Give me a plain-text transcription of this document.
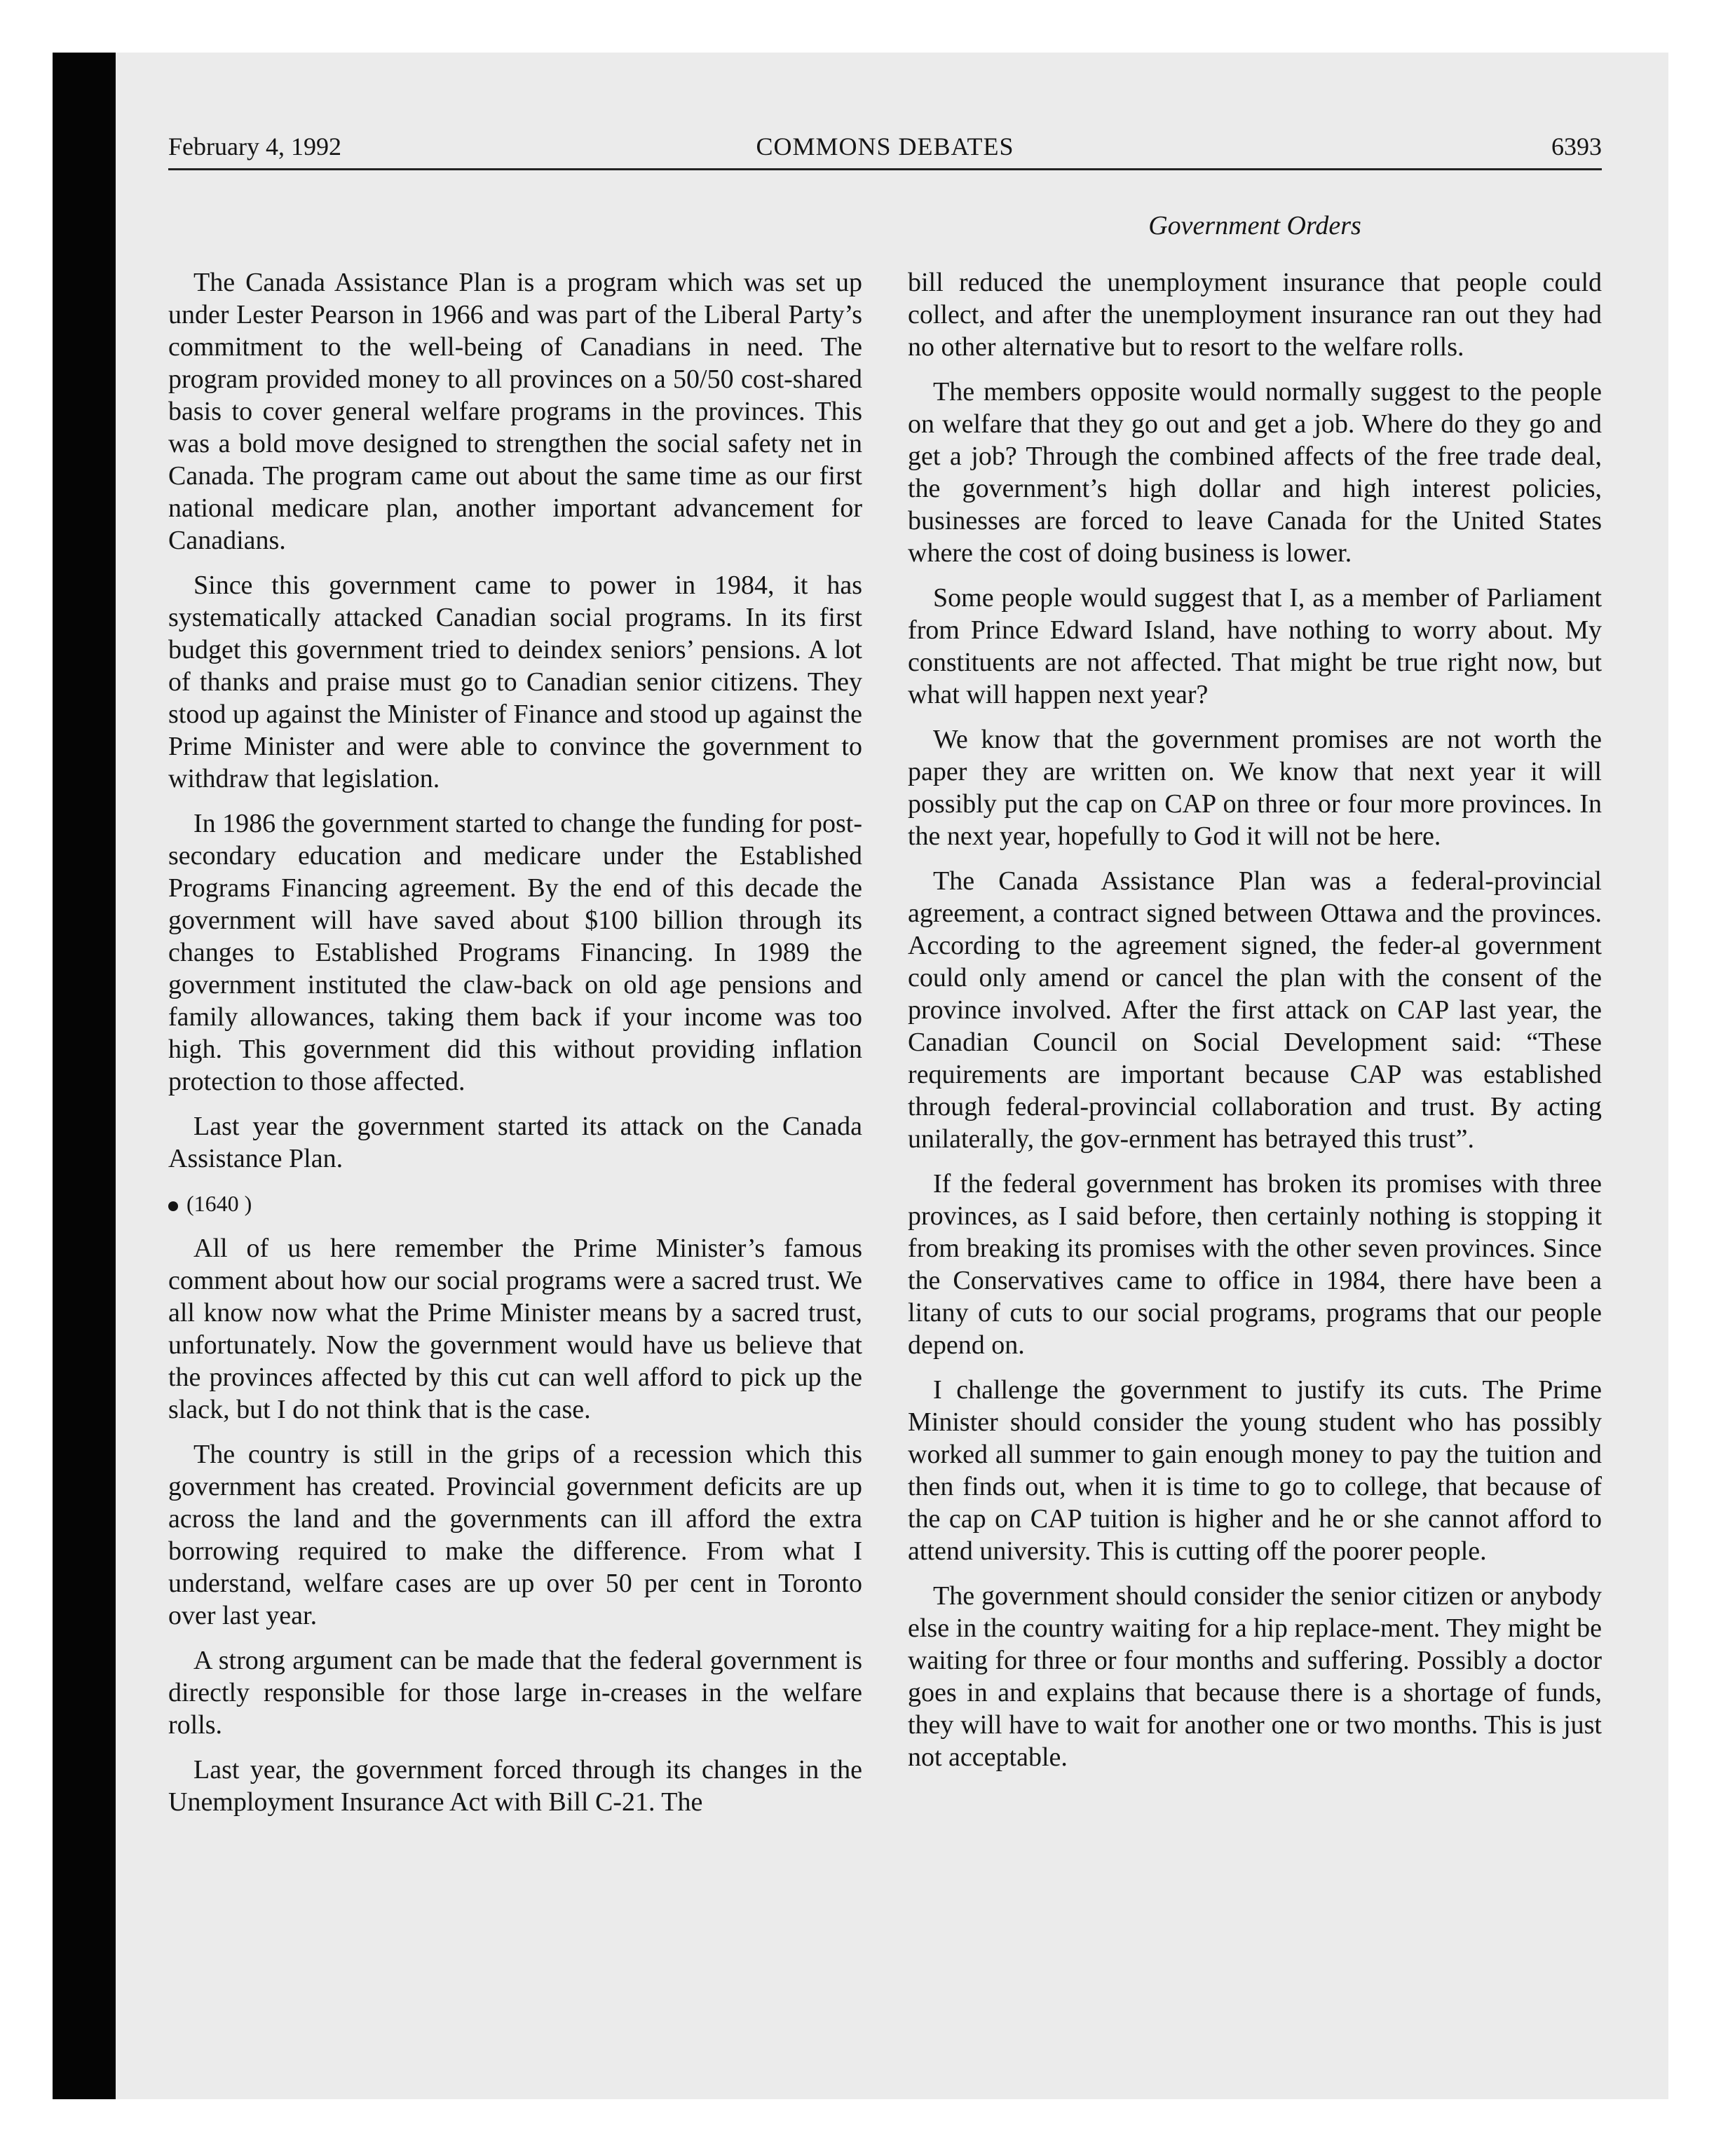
February 4, 1992	COMMONS DEBATES	6393
Government Orders

The Canada Assistance Plan is a program which was set up under Lester Pearson in 1966 and was part of the Liberal Party’s commitment to the well-being of Canadians in need. The program provided money to all provinces on a 50/50 cost-shared basis to cover general welfare programs in the provinces. This was a bold move designed to strengthen the social safety net in Canada. The program came out about the same time as our first national medicare plan, another important advancement for Canadians.

Since this government came to power in 1984, it has systematically attacked Canadian social programs. In its first budget this government tried to deindex seniors’ pensions. A lot of thanks and praise must go to Canadian senior citizens. They stood up against the Minister of Finance and stood up against the Prime Minister and were able to convince the government to withdraw that legislation.

In 1986 the government started to change the funding for post-secondary education and medicare under the Established Programs Financing agreement. By the end of this decade the government will have saved about $100 billion through its changes to Established Programs Financing. In 1989 the government instituted the claw-back on old age pensions and family allowances, taking them back if your income was too high. This government did this without providing inflation protection to those affected.

Last year the government started its attack on the Canada Assistance Plan.

(1640 )

All of us here remember the Prime Minister’s famous comment about how our social programs were a sacred trust. We all know now what the Prime Minister means by a sacred trust, unfortunately. Now the government would have us believe that the provinces affected by this cut can well afford to pick up the slack, but I do not think that is the case.

The country is still in the grips of a recession which this government has created. Provincial government deficits are up across the land and the governments can ill afford the extra borrowing required to make the difference. From what I understand, welfare cases are up over 50 per cent in Toronto over last year.

A strong argument can be made that the federal government is directly responsible for those large in-creases in the welfare rolls.

Last year, the government forced through its changes in the Unemployment Insurance Act with Bill C-21. The

bill reduced the unemployment insurance that people could collect, and after the unemployment insurance ran out they had no other alternative but to resort to the welfare rolls.

The members opposite would normally suggest to the people on welfare that they go out and get a job. Where do they go and get a job? Through the combined affects of the free trade deal, the government’s high dollar and high interest policies, businesses are forced to leave Canada for the United States where the cost of doing business is lower.

Some people would suggest that I, as a member of Parliament from Prince Edward Island, have nothing to worry about. My constituents are not affected. That might be true right now, but what will happen next year?

We know that the government promises are not worth the paper they are written on. We know that next year it will possibly put the cap on CAP on three or four more provinces. In the next year, hopefully to God it will not be here.

The Canada Assistance Plan was a federal-provincial agreement, a contract signed between Ottawa and the provinces. According to the agreement signed, the feder-al government could only amend or cancel the plan with the consent of the province involved. After the first attack on CAP last year, the Canadian Council on Social Development said: “These requirements are important because CAP was established through federal-provincial collaboration and trust. By acting unilaterally, the gov-ernment has betrayed this trust”.

If the federal government has broken its promises with three provinces, as I said before, then certainly nothing is stopping it from breaking its promises with the other seven provinces. Since the Conservatives came to office in 1984, there have been a litany of cuts to our social programs, programs that our people depend on.

I challenge the government to justify its cuts. The Prime Minister should consider the young student who has possibly worked all summer to gain enough money to pay the tuition and then finds out, when it is time to go to college, that because of the cap on CAP tuition is higher and he or she cannot afford to attend university. This is cutting off the poorer people.

The government should consider the senior citizen or anybody else in the country waiting for a hip replace-ment. They might be waiting for three or four months and suffering. Possibly a doctor goes in and explains that because there is a shortage of funds, they will have to wait for another one or two months. This is just not acceptable.
